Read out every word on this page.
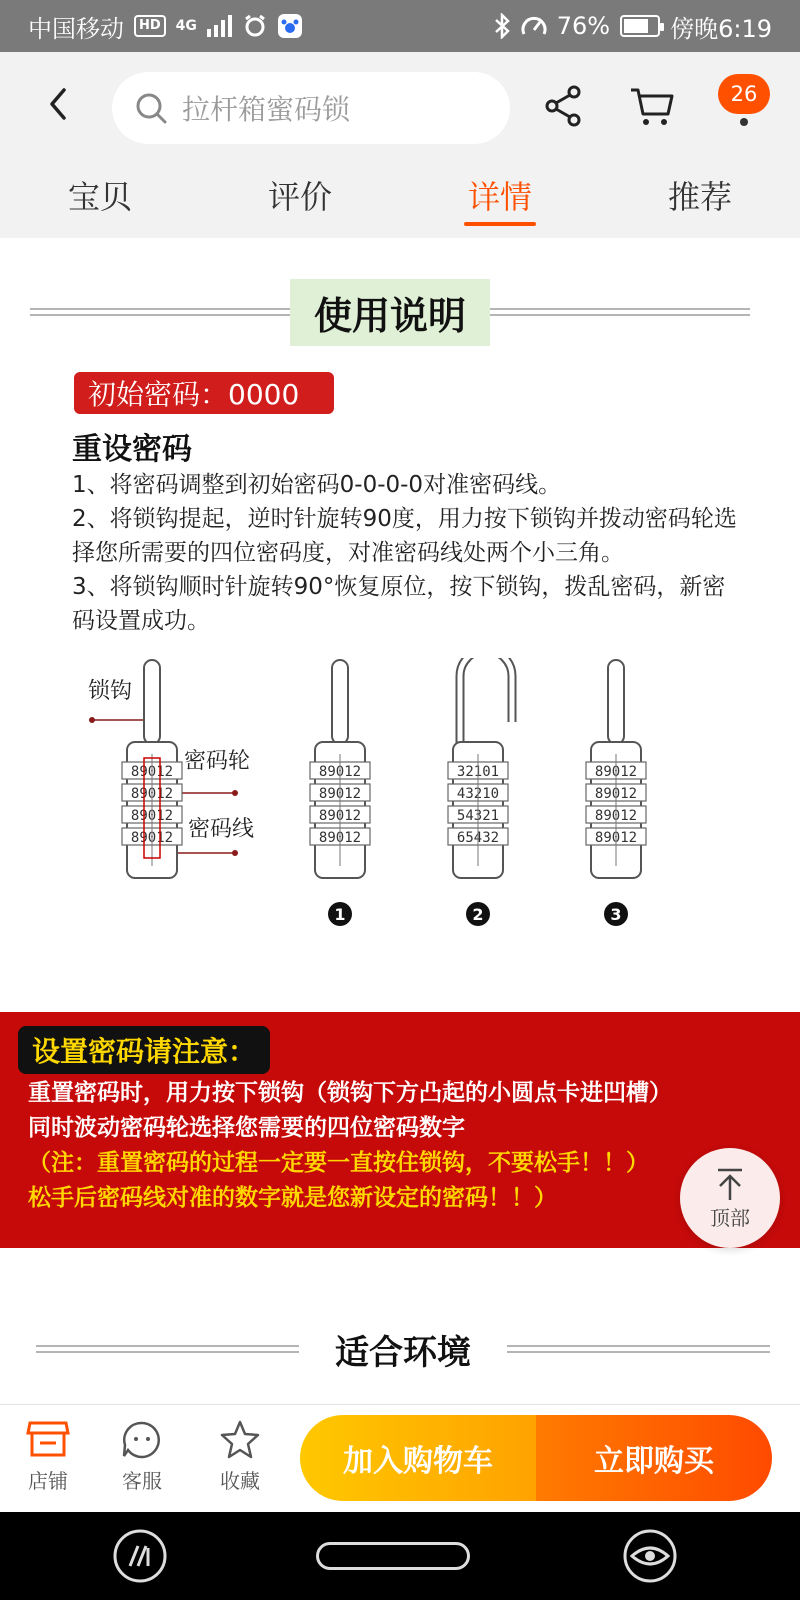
中国移动	HD	4G	76%	傍晚6:19
拉杆箱蜜码锁	26
宝贝	评价	详情	推荐
使用说明
初始密码：0000
重设密码

1、将密码调整到初始密码0-0-0-0对准密码线。

2、将锁钩提起，逆时针旋转90度，用力按下锁钩并拨动密码轮选择您所需要的四位密码度，对准密码线处两个小三角。

3、将锁钩顺时针旋转90°恢复原位，按下锁钩，拨乱密码，新密码设置成功。

锁钩
密码轮
密码线
89012
89012
89012
89012
89012
89012
89012
89012
32101
43210
54321
65432
89012
89012
89012
89012
1	2	3
设置密码请注意：
重置密码时，用力按下锁钩（锁钩下方凸起的小圆点卡进凹槽）
同时波动密码轮选择您需要的四位密码数字
（注：重置密码的过程一定要一直按住锁钩，不要松手！！）
松手后密码线对准的数字就是您新设定的密码！！）
适合环境
顶部
店铺	客服	收藏
加入购物车	立即购买
